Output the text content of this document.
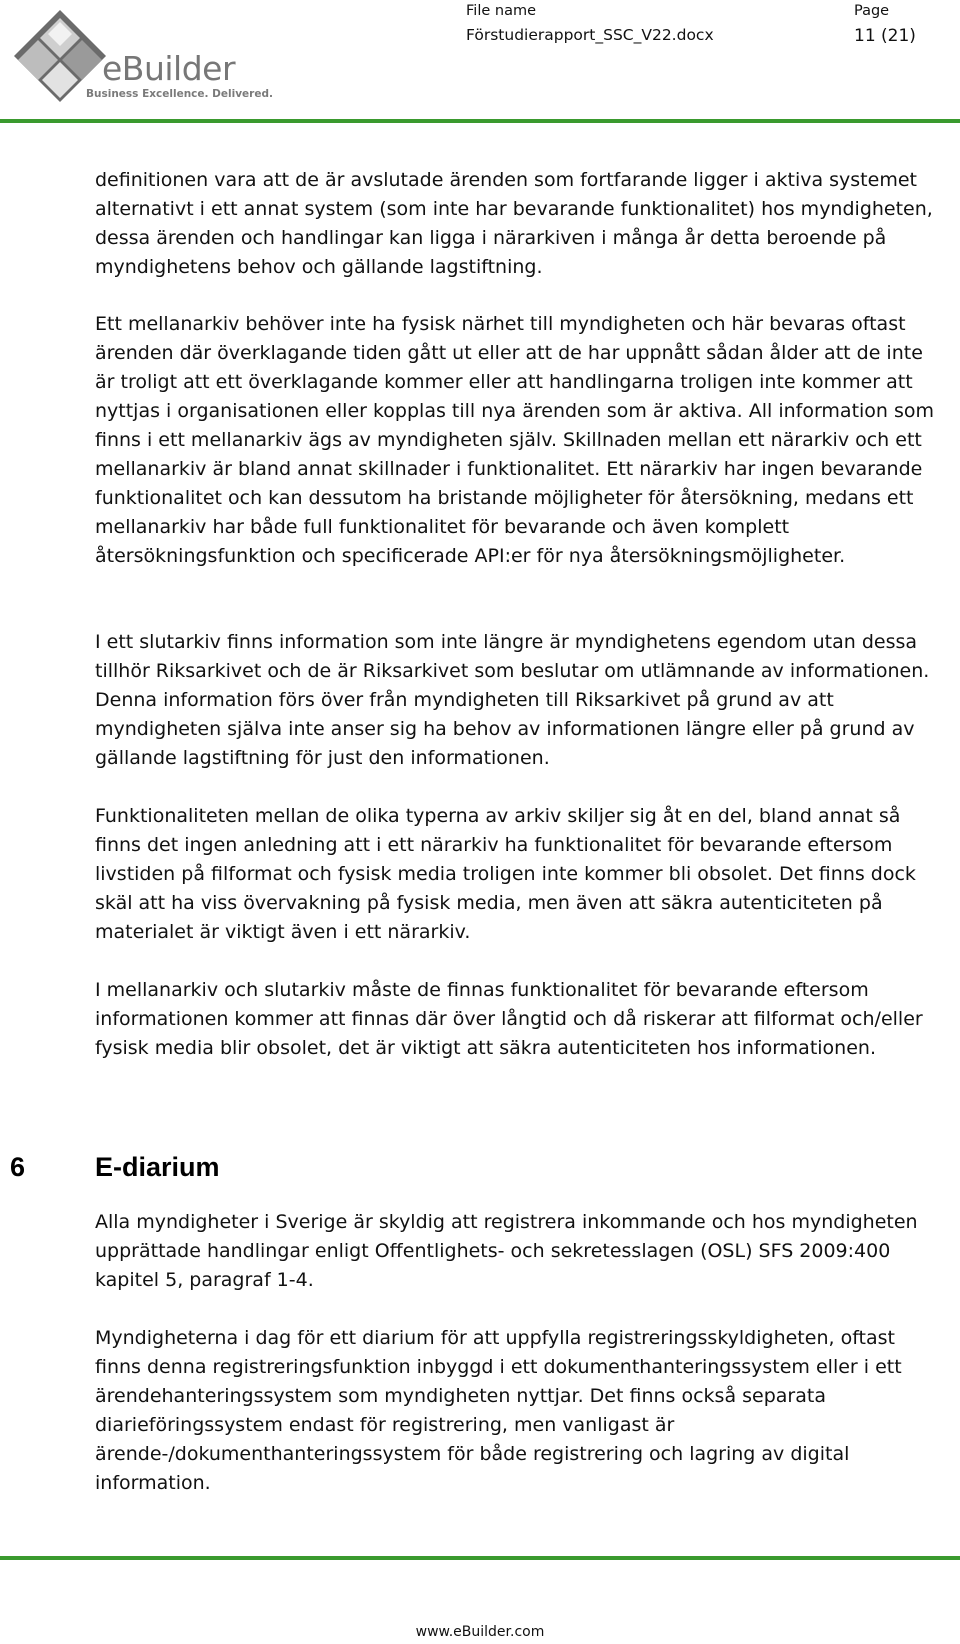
eBuilder
Business Excellence. Delivered.
File name
Förstudierapport_SSC_V22.docx
Page
11 (21)

definitionen vara att de är avslutade ärenden som fortfarande ligger i aktiva systemet alternativt i ett annat system (som inte har bevarande funktionalitet) hos myndigheten, dessa ärenden och handlingar kan ligga i närarkiven i många år detta beroende på myndighetens behov och gällande lagstiftning.

Ett mellanarkiv behöver inte ha fysisk närhet till myndigheten och här bevaras oftast ärenden där överklagande tiden gått ut eller att de har uppnått sådan ålder att de inte är troligt att ett överklagande kommer eller att handlingarna troligen inte kommer att nyttjas i organisationen eller kopplas till nya ärenden som är aktiva. All information som finns i ett mellanarkiv ägs av myndigheten själv. Skillnaden mellan ett närarkiv och ett mellanarkiv är bland annat skillnader i funktionalitet. Ett närarkiv har ingen bevarande funktionalitet och kan dessutom ha bristande möjligheter för återsökning, medans ett mellanarkiv har både full funktionalitet för bevarande och även komplett återsökningsfunktion och specificerade API:er för nya återsökningsmöjligheter.

I ett slutarkiv finns information som inte längre är myndighetens egendom utan dessa tillhör Riksarkivet och de är Riksarkivet som beslutar om utlämnande av informationen. Denna information förs över från myndigheten till Riksarkivet på grund av att myndigheten själva inte anser sig ha behov av informationen längre eller på grund av gällande lagstiftning för just den informationen.

Funktionaliteten mellan de olika typerna av arkiv skiljer sig åt en del, bland annat så finns det ingen anledning att i ett närarkiv ha funktionalitet för bevarande eftersom livstiden på filformat och fysisk media troligen inte kommer bli obsolet. Det finns dock skäl att ha viss övervakning på fysisk media, men även att säkra autenticiteten på materialet är viktigt även i ett närarkiv.

I mellanarkiv och slutarkiv måste de finnas funktionalitet för bevarande eftersom informationen kommer att finnas där över långtid och då riskerar att filformat och/eller fysisk media blir obsolet, det är viktigt att säkra autenticiteten hos informationen.

6	E-diarium

Alla myndigheter i Sverige är skyldig att registrera inkommande och hos myndigheten upprättade handlingar enligt Offentlighets- och sekretesslagen (OSL) SFS 2009:400 kapitel 5, paragraf 1-4.

Myndigheterna i dag för ett diarium för att uppfylla registreringsskyldigheten, oftast finns denna registreringsfunktion inbyggd i ett dokumenthanteringssystem eller i ett ärendehanteringssystem som myndigheten nyttjar. Det finns också separata diarieföringssystem endast för registrering, men vanligast är ärende-/dokumenthanteringssystem för både registrering och lagring av digital information.

www.eBuilder.com
